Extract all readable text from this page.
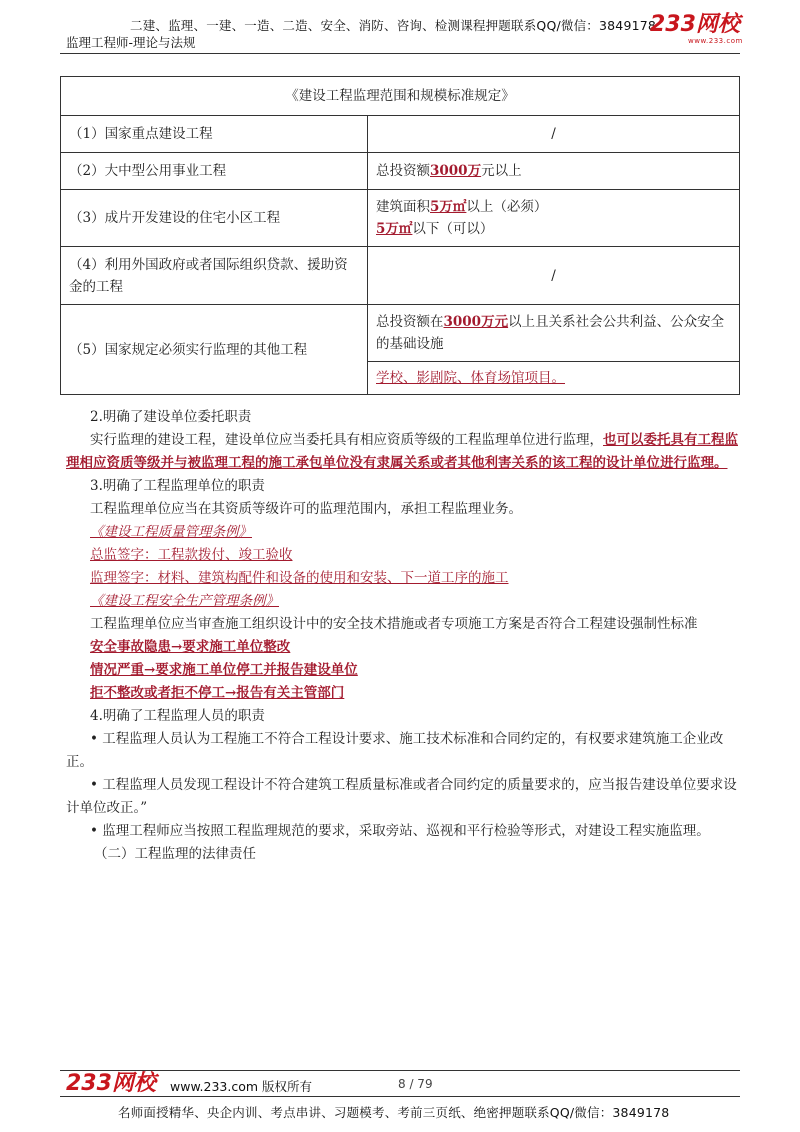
二建、监理、一建、一造、二造、安全、消防、咨询、检测课程押题联系QQ/微信：3849178
监理工程师-理论与法规
233网校
www.233.com
《建设工程监理范围和规模标准规定》	
（1）国家重点建设工程	/
（2）大中型公用事业工程	总投资额3000万元以上
（3）成片开发建设的住宅小区工程	建筑面积5万㎡以上（必须）
5万㎡以下（可以）

（4）利用外国政府或者国际组织贷款、援助资金的工程	/
（5）国家规定必须实行监理的其他工程	总投资额在3000万元以上且关系社会公共利益、公众安全的基础设施
	学校、影剧院、体育场馆项目。

2.明确了建设单位委托职责

实行监理的建设工程，建设单位应当委托具有相应资质等级的工程监理单位进行监理，也可以委托具有工程监理相应资质等级并与被监理工程的施工承包单位没有隶属关系或者其他利害关系的该工程的设计单位进行监理。

3.明确了工程监理单位的职责

工程监理单位应当在其资质等级许可的监理范围内，承担工程监理业务。

《建设工程质量管理条例》

总监签字：工程款拨付、竣工验收

监理签字：材料、建筑构配件和设备的使用和安装、下一道工序的施工

《建设工程安全生产管理条例》

工程监理单位应当审查施工组织设计中的安全技术措施或者专项施工方案是否符合工程建设强制性标准

安全事故隐患→要求施工单位整改

情况严重→要求施工单位停工并报告建设单位

拒不整改或者拒不停工→报告有关主管部门

4.明确了工程监理人员的职责

• 工程监理人员认为工程施工不符合工程设计要求、施工技术标准和合同约定的，有权要求建筑施工企业改正。

• 工程监理人员发现工程设计不符合建筑工程质量标准或者合同约定的质量要求的，应当报告建设单位要求设计单位改正。”

• 监理工程师应当按照工程监理规范的要求，采取旁站、巡视和平行检验等形式，对建设工程实施监理。

（二）工程监理的法律责任

233网校 www.233.com 版权所有	8 / 79
名师面授精华、央企内训、考点串讲、习题模考、考前三页纸、绝密押题联系QQ/微信：3849178
